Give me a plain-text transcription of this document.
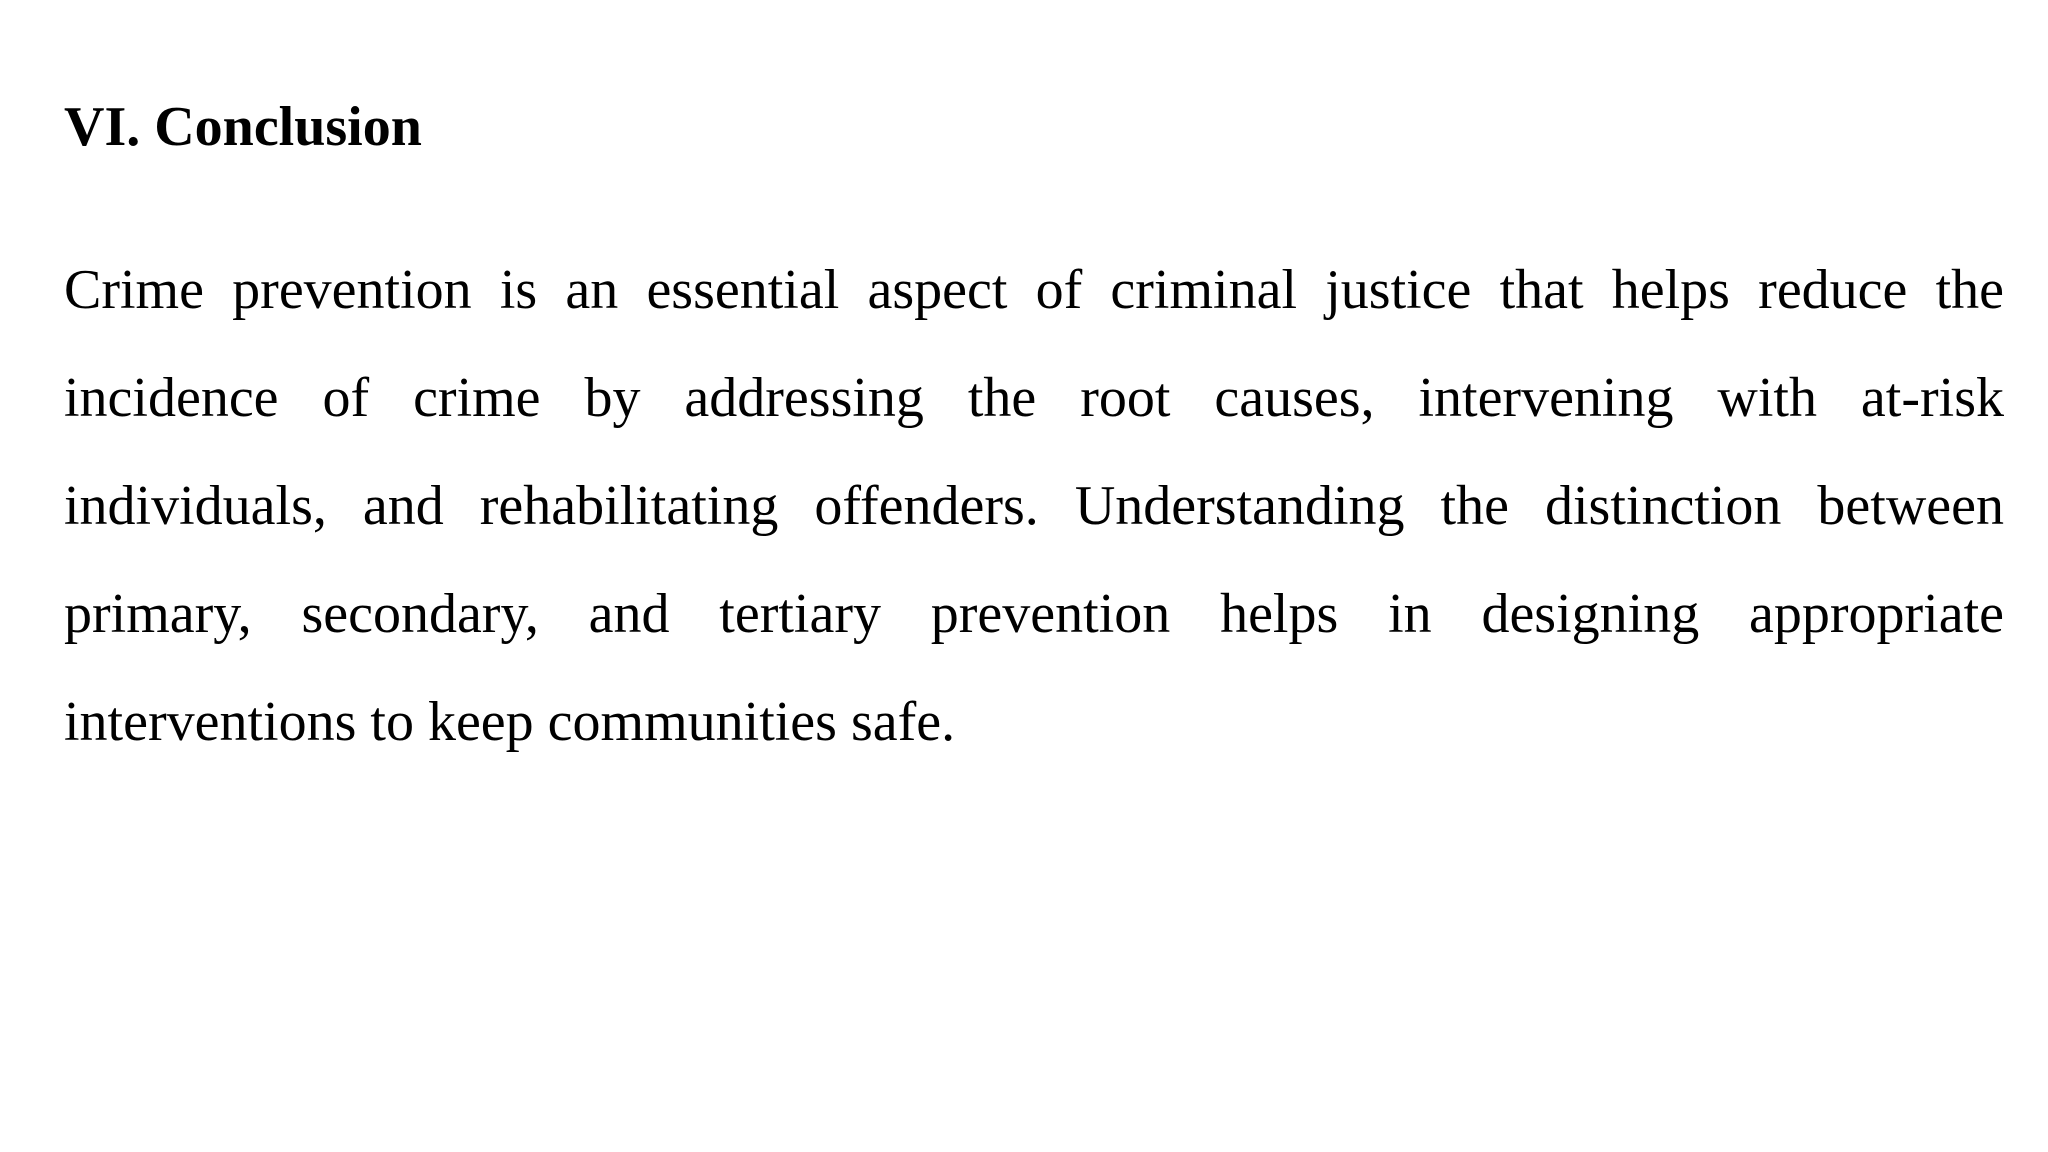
VI. Conclusion
Crime prevention is an essential aspect of criminal justice that helps reduce the
incidence of crime by addressing the root causes, intervening with at-risk
individuals, and rehabilitating offenders. Understanding the distinction between
primary, secondary, and tertiary prevention helps in designing appropriate
interventions to keep communities safe.
